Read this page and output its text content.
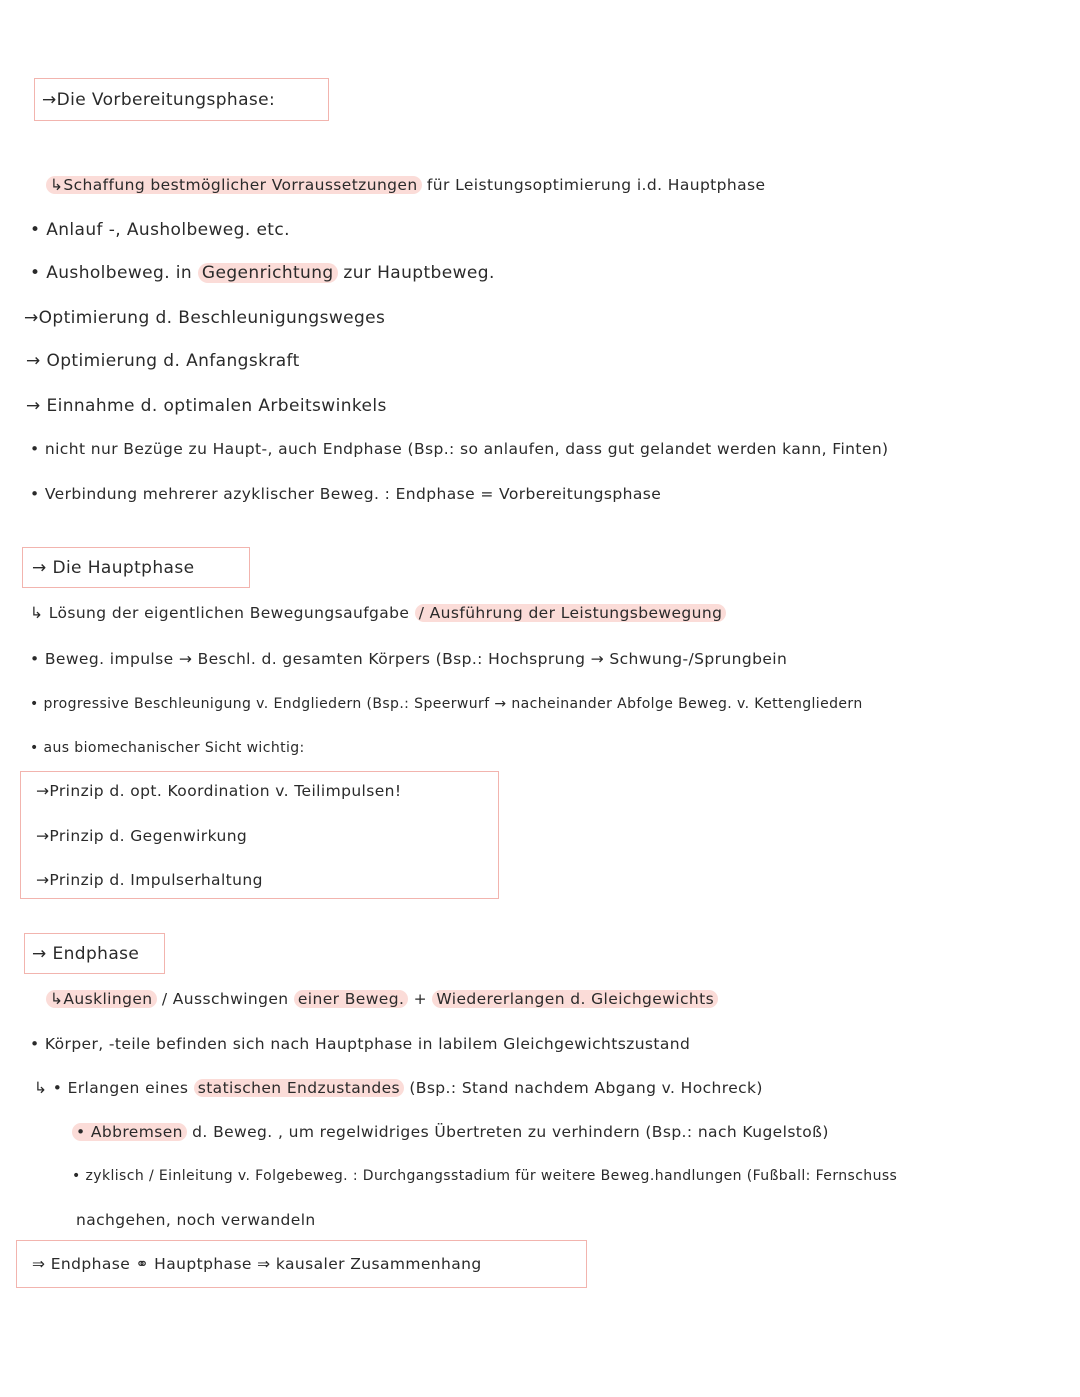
→Die Vorbereitungsphase:
↳Schaffung bestmöglicher Vorraussetzungen für Leistungsoptimierung i.d. Hauptphase
• Anlauf -, Ausholbeweg. etc.
• Ausholbeweg. in Gegenrichtung zur Hauptbeweg.
→Optimierung d. Beschleunigungsweges
→ Optimierung d. Anfangskraft
→ Einnahme d. optimalen Arbeitswinkels
• nicht nur Bezüge zu Haupt-, auch Endphase (Bsp.: so anlaufen, dass gut gelandet werden kann, Finten)
• Verbindung mehrerer azyklischer Beweg. : Endphase = Vorbereitungsphase
→ Die Hauptphase
↳ Lösung der eigentlichen Bewegungsaufgabe / Ausführung der Leistungsbewegung
• Beweg. impulse → Beschl. d. gesamten Körpers (Bsp.: Hochsprung → Schwung-/Sprungbein
• progressive Beschleunigung v. Endgliedern (Bsp.: Speerwurf → nacheinander Abfolge Beweg. v. Kettengliedern
• aus biomechanischer Sicht wichtig:
→Prinzip d. opt. Koordination v. Teilimpulsen!
→Prinzip d. Gegenwirkung
→Prinzip d. Impulserhaltung
→ Endphase
↳Ausklingen / Ausschwingen einer Beweg. + Wiedererlangen d. Gleichgewichts
• Körper, -teile befinden sich nach Hauptphase in labilem Gleichgewichtszustand
↳ • Erlangen eines statischen Endzustandes (Bsp.: Stand nachdem Abgang v. Hochreck)
• Abbremsen d. Beweg. , um regelwidriges Übertreten zu verhindern (Bsp.: nach Kugelstoß)
• zyklisch / Einleitung v. Folgebeweg. : Durchgangsstadium für weitere Beweg.handlungen (Fußball: Fernschuss
nachgehen, noch verwandeln
⇒ Endphase ⚭ Hauptphase ⇒ kausaler Zusammenhang
